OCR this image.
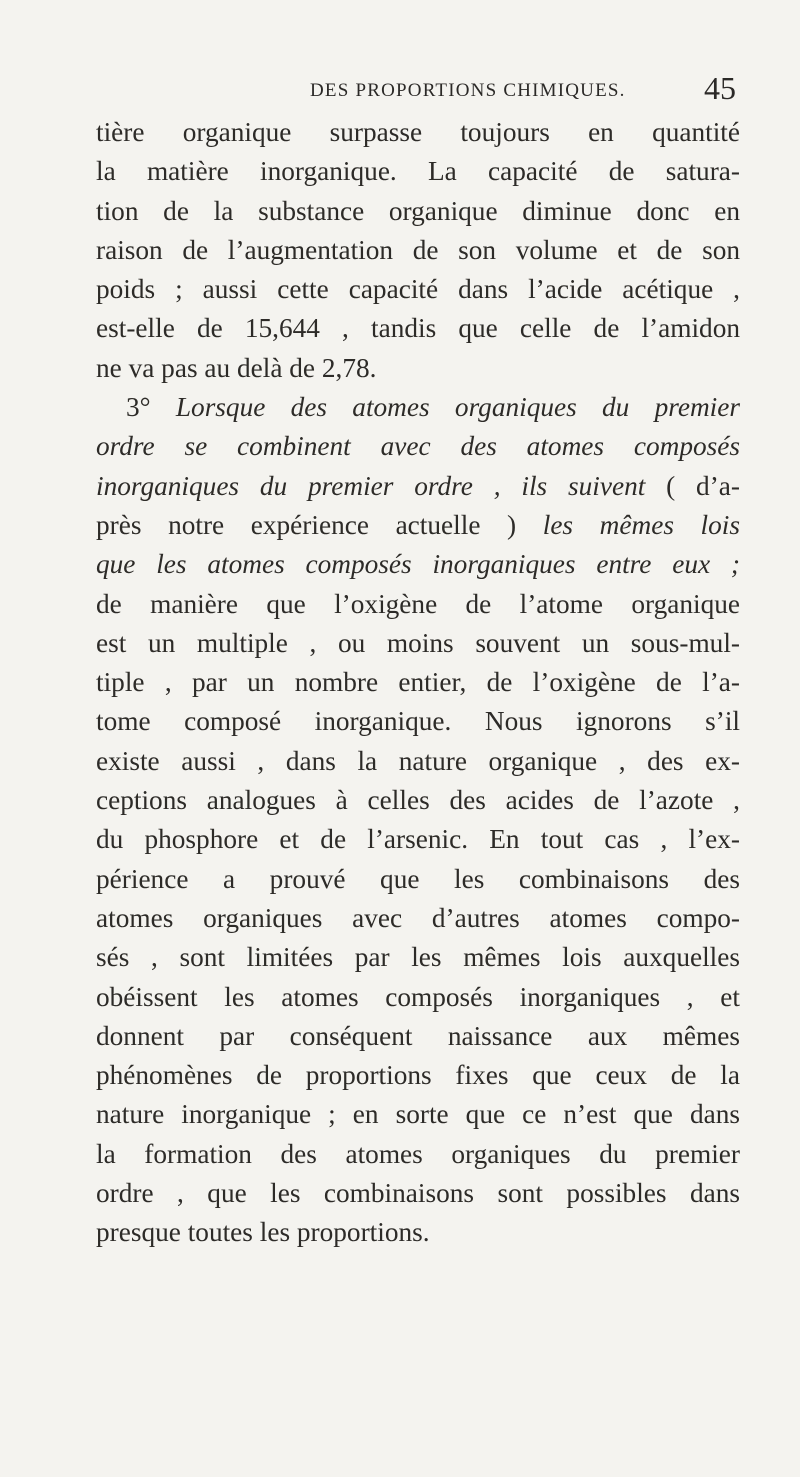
DES PROPORTIONS CHIMIQUES. 45
tière organique surpasse toujours en quantité
la matière inorganique. La capacité de satura-
tion de la substance organique diminue donc en
raison de l’augmentation de son volume et de son
poids ; aussi cette capacité dans l’acide acétique ,
est-elle de 15,644 , tandis que celle de l’amidon
ne va pas au delà de 2,78.
3° Lorsque des atomes organiques du premier
ordre se combinent avec des atomes composés
inorganiques du premier ordre , ils suivent ( d’a-
près notre expérience actuelle ) les mêmes lois
que les atomes composés inorganiques entre eux ;
de manière que l’oxigène de l’atome organique
est un multiple , ou moins souvent un sous-mul-
tiple , par un nombre entier, de l’oxigène de l’a-
tome composé inorganique. Nous ignorons s’il
existe aussi , dans la nature organique , des ex-
ceptions analogues à celles des acides de l’azote ,
du phosphore et de l’arsenic. En tout cas , l’ex-
périence a prouvé que les combinaisons des
atomes organiques avec d’autres atomes compo-
sés , sont limitées par les mêmes lois auxquelles
obéissent les atomes composés inorganiques , et
donnent par conséquent naissance aux mêmes
phénomènes de proportions fixes que ceux de la
nature inorganique ; en sorte que ce n’est que dans
la formation des atomes organiques du premier
ordre , que les combinaisons sont possibles dans
presque toutes les proportions.
